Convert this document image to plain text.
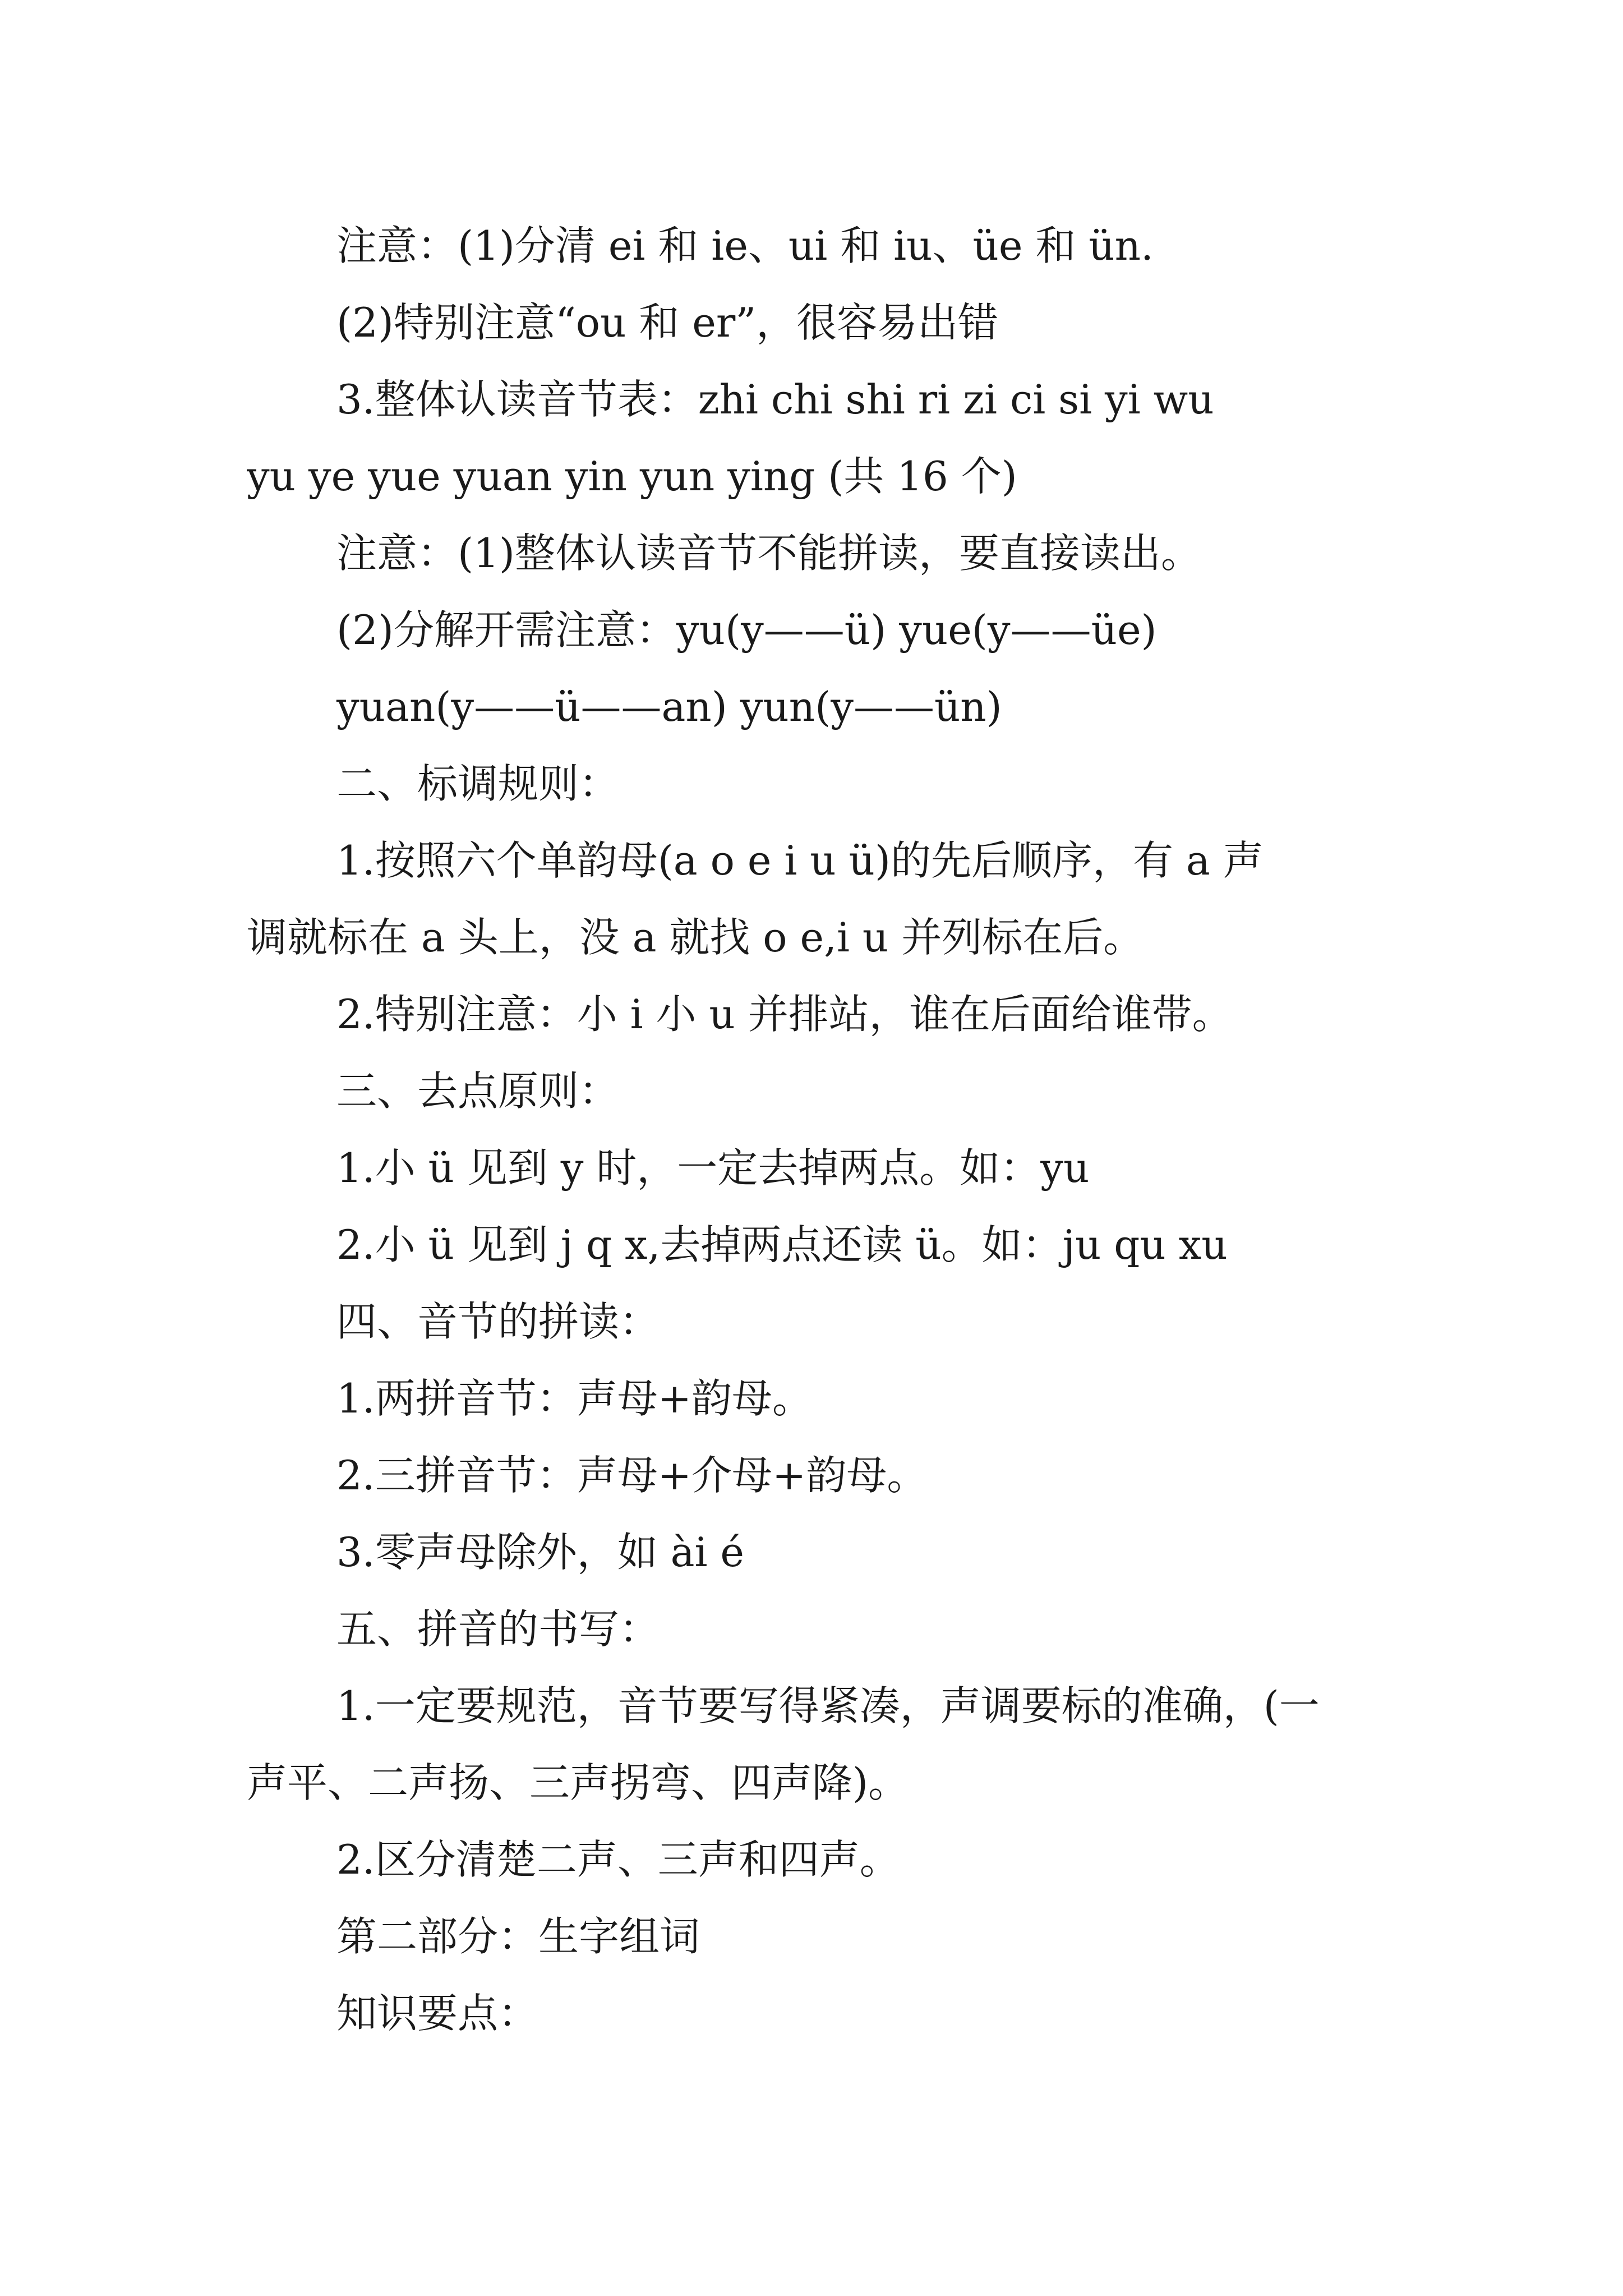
注意：(1)分清 ei 和 ie、ui 和 iu、üe 和 ün.
(2)特别注意“ou 和 er”，很容易出错
3.整体认读音节表：zhi chi shi ri zi ci si yi wu
yu ye yue yuan yin yun ying (共 16 个)
注意：(1)整体认读音节不能拼读，要直接读出。
(2)分解开需注意：yu(y——ü) yue(y——üe)
yuan(y——ü——an) yun(y——ün)
二、标调规则：
1.按照六个单韵母(a o e i u ü)的先后顺序，有 a 声
调就标在 a 头上，没 a 就找 o e,i u 并列标在后。
2.特别注意：小 i 小 u 并排站，谁在后面给谁带。
三、去点原则：
1.小 ü 见到 y 时，一定去掉两点。如：yu
2.小 ü 见到 j q x,去掉两点还读 ü。如：ju qu xu
四、音节的拼读：
1.两拼音节：声母+韵母。
2.三拼音节：声母+介母+韵母。
3.零声母除外，如 ài é
五、拼音的书写：
1.一定要规范，音节要写得紧凑，声调要标的准确，(一
声平、二声扬、三声拐弯、四声降)。
2.区分清楚二声、三声和四声。
第二部分：生字组词
知识要点：
